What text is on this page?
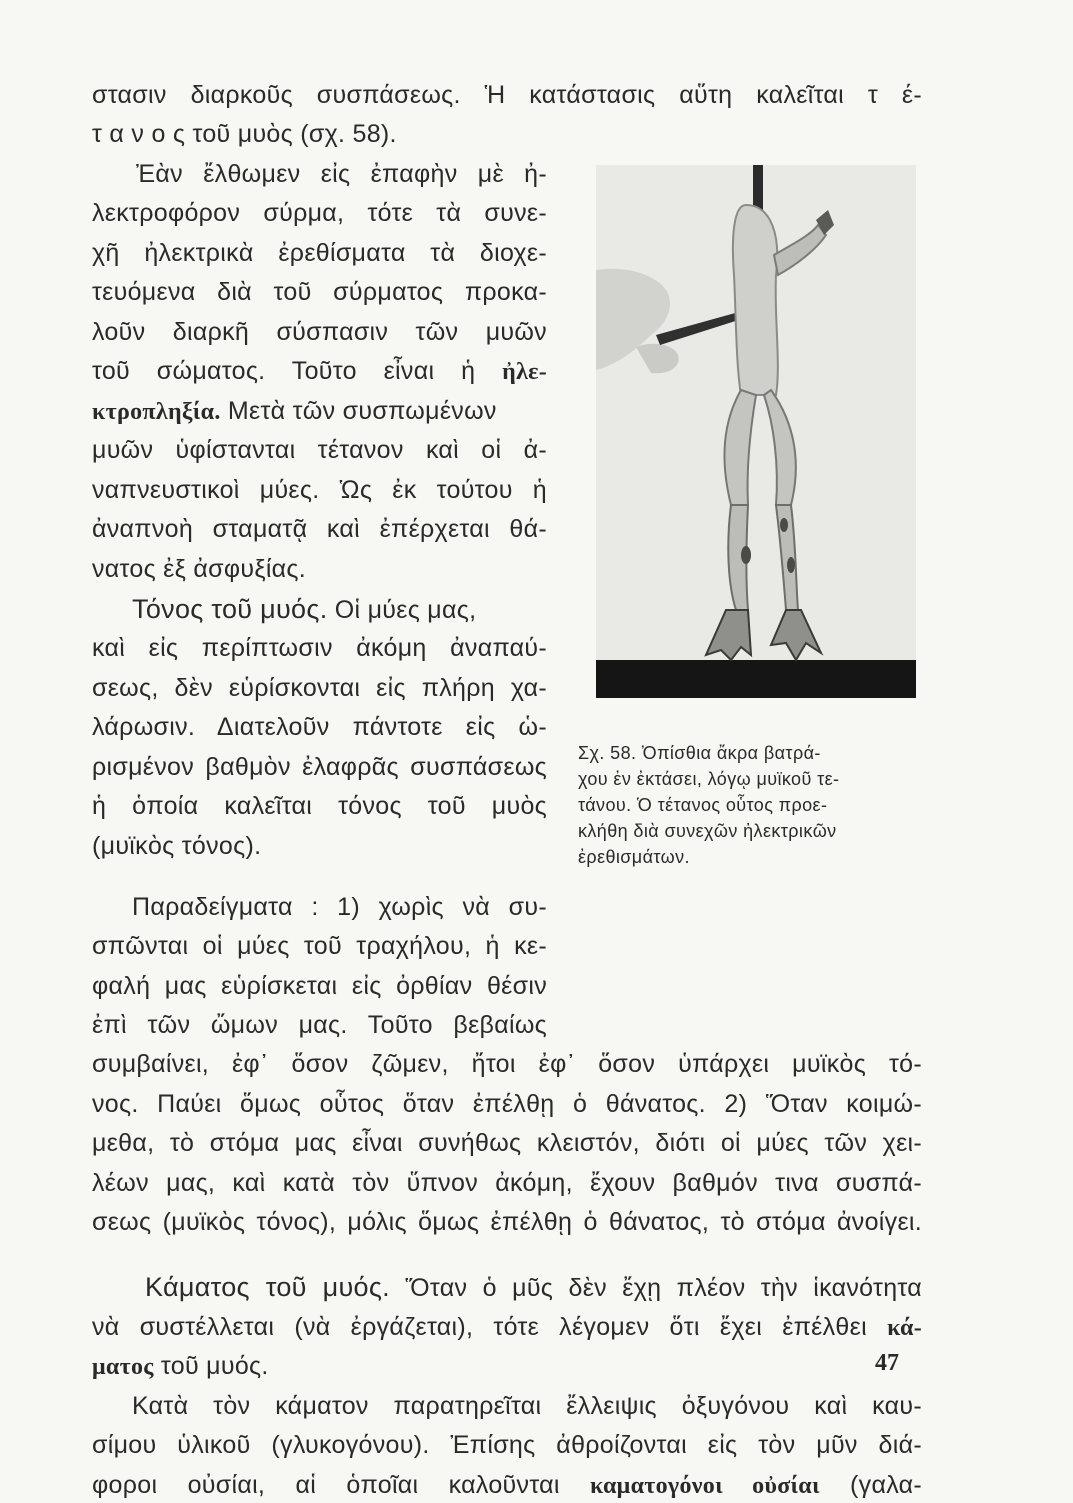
στασιν διαρκοῦς συσπάσεως. Ἡ κατάστασις αὕτη καλεῖται τ έ-
τ α ν ο ς τοῦ μυὸς (σχ. 58).
Ἐὰν ἔλθωμεν εἰς ἐπαφὴν μὲ ἠ-
λεκτροφόρον σύρμα, τότε τὰ συνε-
χῆ ἠλεκτρικὰ ἐρεθίσματα τὰ διοχε-
τευόμενα διὰ τοῦ σύρματος προκα-
λοῦν διαρκῆ σύσπασιν τῶν μυῶν
τοῦ σώματος. Τοῦτο εἶναι ἡ ἠλε-
κτροπληξία. Μετὰ τῶν συσπωμένων
μυῶν ὑφίστανται τέτανον καὶ οἱ ἀ-
ναπνευστικοὶ μύες. Ὡς ἐκ τούτου ἡ
ἀναπνοὴ σταματᾷ καὶ ἐπέρχεται θά-
νατος ἐξ ἀσφυξίας.
Τόνος τοῦ μυός. Οἱ μύες μας,
καὶ εἰς περίπτωσιν ἀκόμη ἀναπαύ-
σεως, δὲν εὑρίσκονται εἰς πλήρη χα-
λάρωσιν. Διατελοῦν πάντοτε εἰς ὡ-
ρισμένον βαθμὸν ἐλαφρᾶς συσπάσεως
ἡ ὁποία καλεῖται τόνος τοῦ μυὸς
(μυϊκὸς τόνος).
Παραδείγματα : 1) χωρὶς νὰ συ-
σπῶνται οἱ μύες τοῦ τραχήλου, ἡ κε-
φαλή μας εὑρίσκεται εἰς ὀρθίαν θέσιν
ἐπὶ τῶν ὤμων μας. Τοῦτο βεβαίως
συμβαίνει, ἐφ᾽ ὅσον ζῶμεν, ἤτοι ἐφ᾽ ὅσον ὑπάρχει μυϊκὸς τό-
νος. Παύει ὅμως οὗτος ὅταν ἐπέλθῃ ὁ θάνατος. 2) Ὅταν κοιμώ-
μεθα, τὸ στόμα μας εἶναι συνήθως κλειστόν, διότι οἱ μύες τῶν χει-
λέων μας, καὶ κατὰ τὸν ὕπνον ἀκόμη, ἔχουν βαθμόν τινα συσπά-
σεως (μυϊκὸς τόνος), μόλις ὅμως ἐπέλθῃ ὁ θάνατος, τὸ στόμα ἀνοίγει.
Κάματος τοῦ μυός. Ὅταν ὁ μῦς δὲν ἔχῃ πλέον τὴν ἱκανότητα
νὰ συστέλλεται (νὰ ἐργάζεται), τότε λέγομεν ὅτι ἔχει ἐπέλθει κά-
ματος τοῦ μυός.
Κατὰ τὸν κάματον παρατηρεῖται ἔλλειψις ὀξυγόνου καὶ καυ-
σίμου ὑλικοῦ (γλυκογόνου). Ἐπίσης ἀθροίζονται εἰς τὸν μῦν διά-
φοροι οὐσίαι, αἱ ὁποῖαι καλοῦνται καματογόνοι οὐσίαι (γαλα-
Σχ. 58. Ὀπίσθια ἄκρα βατρά-
χου ἐν ἐκτάσει, λόγῳ μυϊκοῦ τε-
τάνου. Ὁ τέτανος οὗτος προε-
κλήθη διὰ συνεχῶν ἠλεκτρικῶν
ἐρεθισμάτων.
47
